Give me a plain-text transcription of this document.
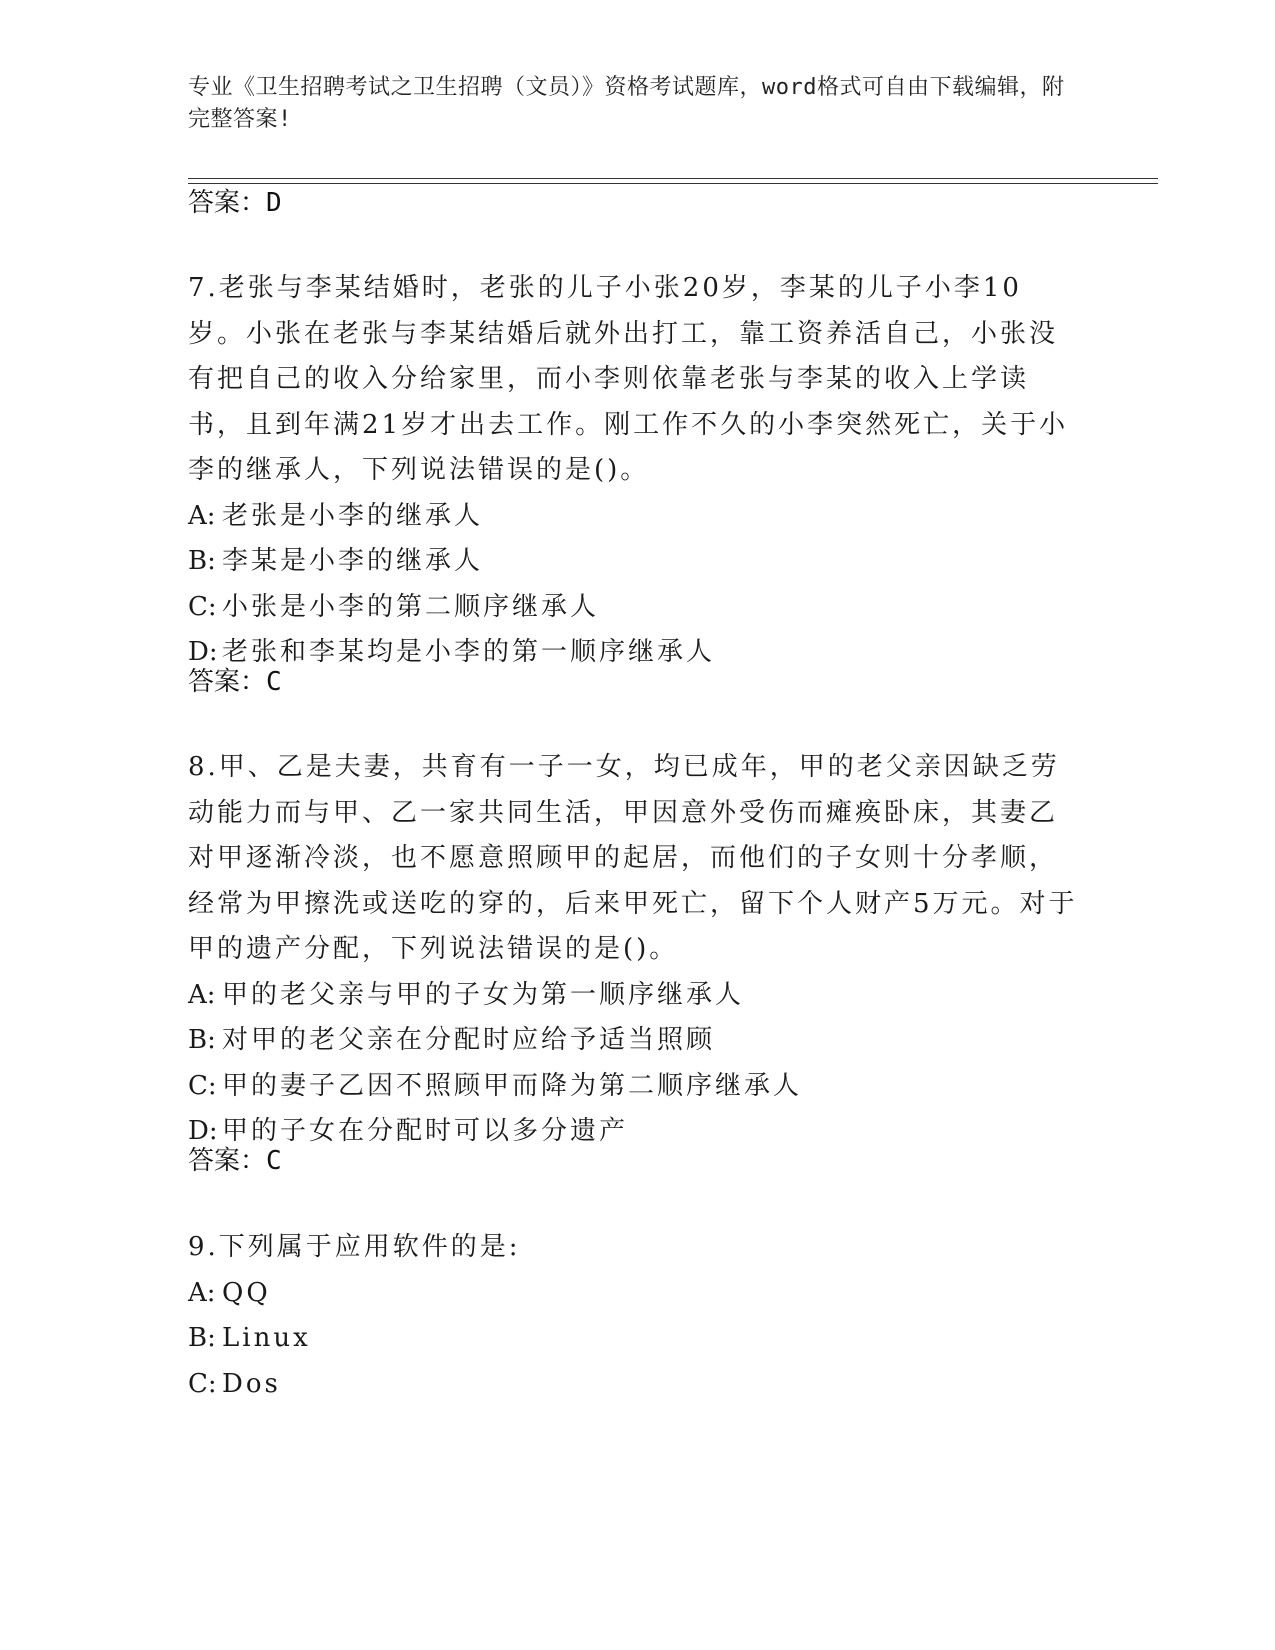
专业《卫生招聘考试之卫生招聘（文员）》资格考试题库，word格式可自由下载编辑，附完整答案!
答案：D

7.老张与李某结婚时，老张的儿子小张20岁，李某的儿子小李10岁。小张在老张与李某结婚后就外出打工，靠工资养活自己，小张没有把自己的收入分给家里，而小李则依靠老张与李某的收入上学读书，且到年满21岁才出去工作。刚工作不久的小李突然死亡，关于小李的继承人，下列说法错误的是()。

A: 老张是小李的继承人

B: 李某是小李的继承人

C: 小张是小李的第二顺序继承人

D: 老张和李某均是小李的第一顺序继承人

答案：C

8.甲、乙是夫妻，共育有一子一女，均已成年，甲的老父亲因缺乏劳动能力而与甲、乙一家共同生活，甲因意外受伤而瘫痪卧床，其妻乙对甲逐渐冷淡，也不愿意照顾甲的起居，而他们的子女则十分孝顺，经常为甲擦洗或送吃的穿的，后来甲死亡，留下个人财产5万元。对于甲的遗产分配，下列说法错误的是()。

A: 甲的老父亲与甲的子女为第一顺序继承人

B: 对甲的老父亲在分配时应给予适当照顾

C: 甲的妻子乙因不照顾甲而降为第二顺序继承人

D: 甲的子女在分配时可以多分遗产

答案：C

9.下列属于应用软件的是:

A: QQ

B: Linux

C: Dos
